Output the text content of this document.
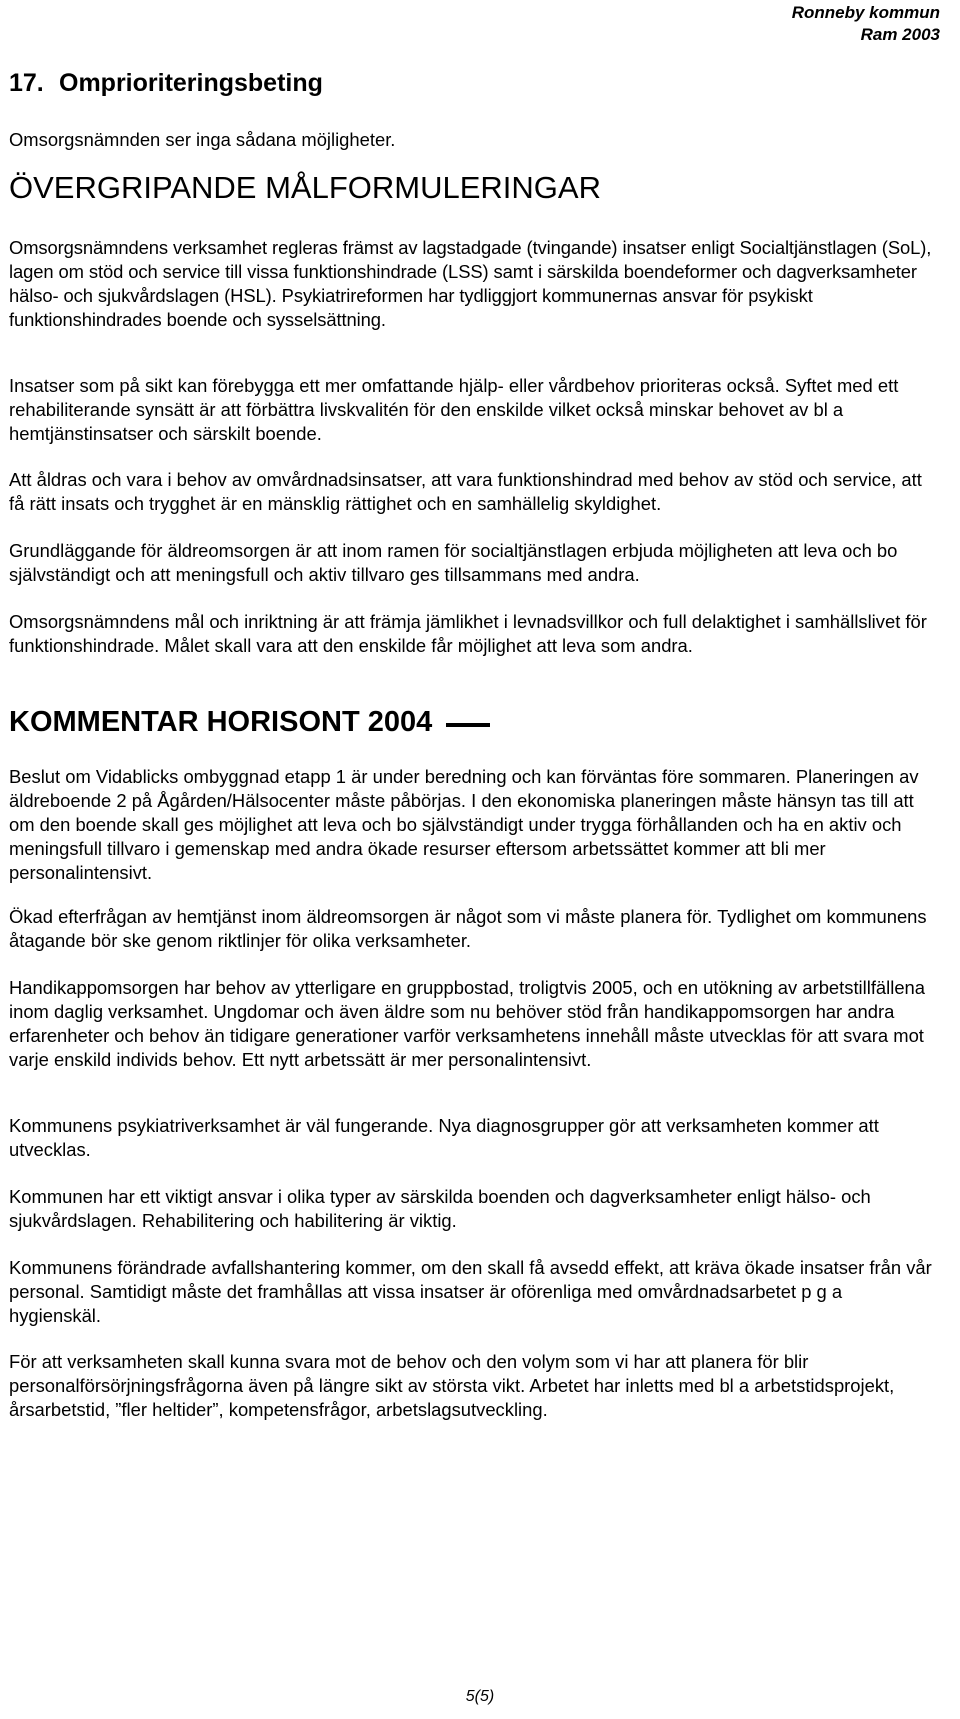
Ronneby kommun
Ram 2003
17. Omprioriteringsbeting

Omsorgsnämnden ser inga sådana möjligheter.

ÖVERGRIPANDE MÅLFORMULERINGAR

Omsorgsnämndens verksamhet regleras främst av lagstadgade (tvingande) insatser enligt Socialtjänstlagen (SoL), lagen om stöd och service till vissa funktionshindrade (LSS) samt i särskilda boendeformer och dagverksamheter hälso- och sjukvårdslagen (HSL). Psykiatrireformen har tydliggjort kommunernas ansvar för psykiskt funktionshindrades boende och sysselsättning.

Insatser som på sikt kan förebygga ett mer omfattande hjälp- eller vårdbehov prioriteras också. Syftet med ett rehabiliterande synsätt är att förbättra livskvalitén för den enskilde vilket också minskar behovet av bl a hemtjänstinsatser och särskilt boende.

Att åldras och vara i behov av omvårdnadsinsatser, att vara funktionshindrad med behov av stöd och service, att få rätt insats och trygghet är en mänsklig rättighet och en samhällelig skyldighet.

Grundläggande för äldreomsorgen är att inom ramen för socialtjänstlagen erbjuda möjligheten att leva och bo självständigt och att meningsfull och aktiv tillvaro ges tillsammans med andra.

Omsorgsnämndens mål och inriktning är att främja jämlikhet i levnadsvillkor och full delaktighet i samhällslivet för funktionshindrade. Målet skall vara att den enskilde får möjlighet att leva som andra.

KOMMENTAR HORISONT 2004

Beslut om Vidablicks ombyggnad etapp 1 är under beredning och kan förväntas före sommaren. Planeringen av äldreboende 2 på Ågården/Hälsocenter måste påbörjas. I den ekonomiska planeringen måste hänsyn tas till att om den boende skall ges möjlighet att leva och bo självständigt under trygga förhållanden och ha en aktiv och meningsfull tillvaro i gemenskap med andra ökade resurser eftersom arbetssättet kommer att bli mer personalintensivt.

Ökad efterfrågan av hemtjänst inom äldreomsorgen är något som vi måste planera för. Tydlighet om kommunens åtagande bör ske genom riktlinjer för olika verksamheter.

Handikappomsorgen har behov av ytterligare en gruppbostad, troligtvis 2005, och en utökning av arbetstillfällena inom daglig verksamhet. Ungdomar och även äldre som nu behöver stöd från handikappomsorgen har andra erfarenheter och behov än tidigare generationer varför verksamhetens innehåll måste utvecklas för att svara mot varje enskild individs behov. Ett nytt arbetssätt är mer personalintensivt.

Kommunens psykiatriverksamhet är väl fungerande. Nya diagnosgrupper gör att verksamheten kommer att utvecklas.

Kommunen har ett viktigt ansvar i olika typer av särskilda boenden och dagverksamheter enligt hälso- och sjukvårdslagen. Rehabilitering och habilitering är viktig.

Kommunens förändrade avfallshantering kommer, om den skall få avsedd effekt, att kräva ökade insatser från vår personal. Samtidigt måste det framhållas att vissa insatser är oförenliga med omvårdnadsarbetet p g a hygienskäl.

För att verksamheten skall kunna svara mot de behov och den volym som vi har att planera för blir personalförsörjningsfrågorna även på längre sikt av största vikt. Arbetet har inletts med bl a arbetstidsprojekt, årsarbetstid, ”fler heltider”, kompetensfrågor, arbetslagsutveckling.

5(5)
